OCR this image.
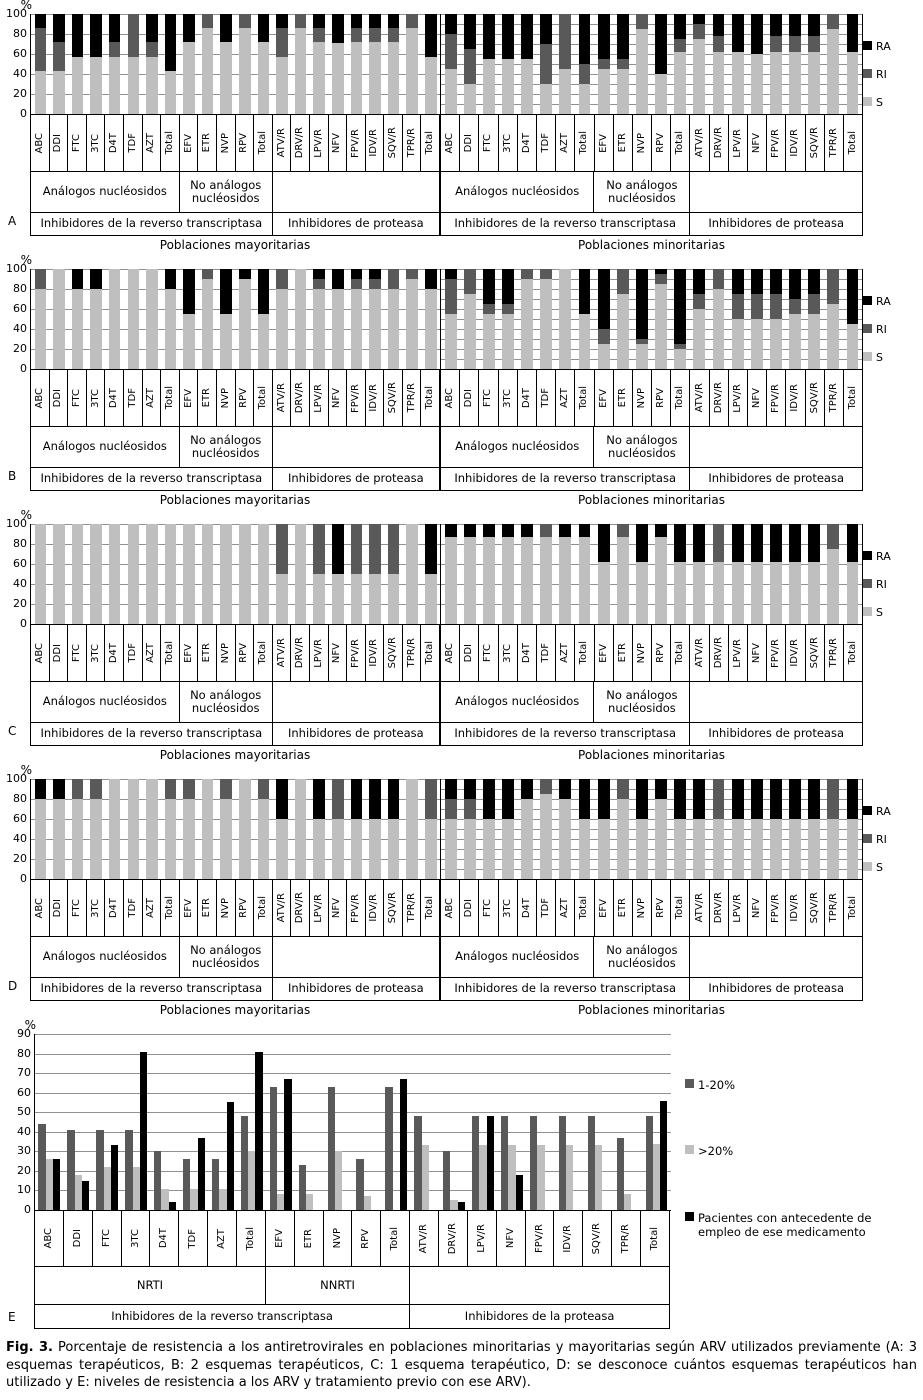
%
100
80
60
40
20
0
ABC DDI FTC 3TC D4T TDF AZT Total EFV ETR NVP RPV Total ATV/R DRV/R LPV/R NFV FPV/R IDV/R SQV/R TPR/R Total
Análogos nucléosidos	No análogos nucléosidos
Inhibidores de la reverso transcriptasa	Inhibidores de proteasa
Poblaciones mayoritarias
ABC DDI FTC 3TC D4T TDF AZT Total EFV ETR NVP RPV Total ATV/R DRV/R LPV/R NFV FPV/R IDV/R SQV/R TPR/R Total
Análogos nucléosidos	No análogos nucléosidos
Inhibidores de la reverso transcriptasa	Inhibidores de proteasa
Poblaciones minoritarias
RA
RI
S
A
%
100
80
60
40
20
0
ABC DDI FTC 3TC D4T TDF AZT Total EFV ETR NVP RPV Total ATV/R DRV/R LPV/R NFV FPV/R IDV/R SQV/R TPR/R Total
Análogos nucléosidos	No análogos nucléosidos
Inhibidores de la reverso transcriptasa	Inhibidores de proteasa
Poblaciones mayoritarias
ABC DDI FTC 3TC D4T TDF AZT Total EFV ETR NVP RPV Total ATV/R DRV/R LPV/R NFV FPV/R IDV/R SQV/R TPR/R Total
Análogos nucléosidos	No análogos nucléosidos
Inhibidores de la reverso transcriptasa	Inhibidores de proteasa
Poblaciones minoritarias
RA
RI
S
B
%
100
80
60
40
20
0
ABC DDI FTC 3TC D4T TDF AZT Total EFV ETR NVP RPV Total ATV/R DRV/R LPV/R NFV FPV/R IDV/R SQV/R TPR/R Total
Análogos nucléosidos	No análogos nucléosidos
Inhibidores de la reverso transcriptasa	Inhibidores de proteasa
Poblaciones mayoritarias
ABC DDI FTC 3TC D4T TDF AZT Total EFV ETR NVP RPV Total ATV/R DRV/R LPV/R NFV FPV/R IDV/R SQV/R TPR/R Total
Análogos nucléosidos	No análogos nucléosidos
Inhibidores de la reverso transcriptasa	Inhibidores de proteasa
Poblaciones minoritarias
RA
RI
S
C
%
100
80
60
40
20
0
ABC DDI FTC 3TC D4T TDF AZT Total EFV ETR NVP RPV Total ATV/R DRV/R LPV/R NFV FPV/R IDV/R SQV/R TPR/R Total
Análogos nucléosidos	No análogos nucléosidos
Inhibidores de la reverso transcriptasa	Inhibidores de proteasa
Poblaciones mayoritarias
ABC DDI FTC 3TC D4T TDF AZT Total EFV ETR NVP RPV Total ATV/R DRV/R LPV/R NFV FPV/R IDV/R SQV/R TPR/R Total
Análogos nucléosidos	No análogos nucléosidos
Inhibidores de la reverso transcriptasa	Inhibidores de proteasa
Poblaciones minoritarias
RA
RI
S
D
%
90
80
70
60
50
40
30
20
10
0
ABC DDI FTC 3TC D4T TDF AZT Total EFV ETR NVP RPV Total ATV/R DRV/R LPV/R NFV FPV/R IDV/R SQV/R TPR/R Total
NRTI	NNRTI
Inhibidores de la reverso transcriptasa	Inhibidores de la proteasa
1-20%
>20%
Pacientes con antecedente de empleo de ese medicamento
E

Fig. 3. Porcentaje de resistencia a los antiretrovirales en poblaciones minoritarias y mayoritarias según ARV utilizados previamente (A: 3 esquemas terapéuticos, B: 2 esquemas terapéuticos, C: 1 esquema terapéutico, D: se desconoce cuántos esquemas terapéuticos han utilizado y E: niveles de resistencia a los ARV y tratamiento previo con ese ARV).
